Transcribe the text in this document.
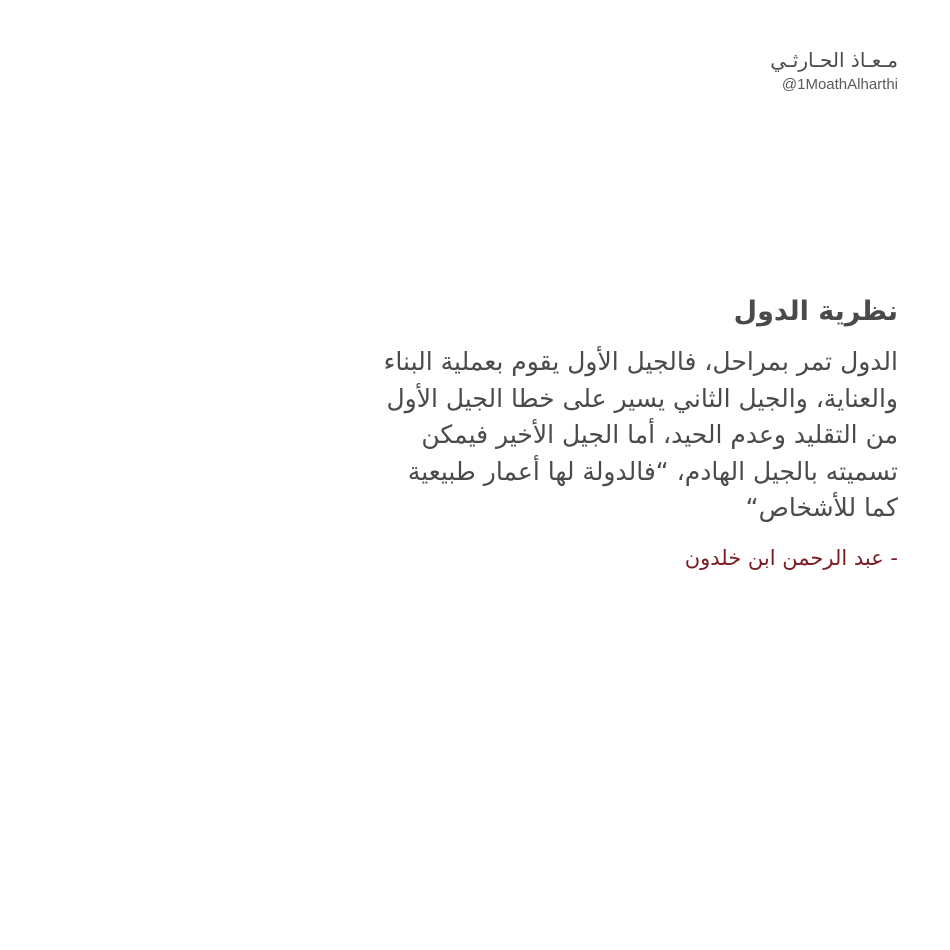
مـعـاذ الحـارثـي
@1MoathAlharthi
نظرية الدول
الدول تمر بمراحل، فالجيل الأول يقوم بعملية البناء
والعناية، والجيل الثاني يسير على خطا الجيل الأول
من التقليد وعدم الحيد، أما الجيل الأخير فيمكن
تسميته بالجيل الهادم، “فالدولة لها أعمار طبيعية
كما للأشخاص“
- عبد الرحمن ابن خلدون
